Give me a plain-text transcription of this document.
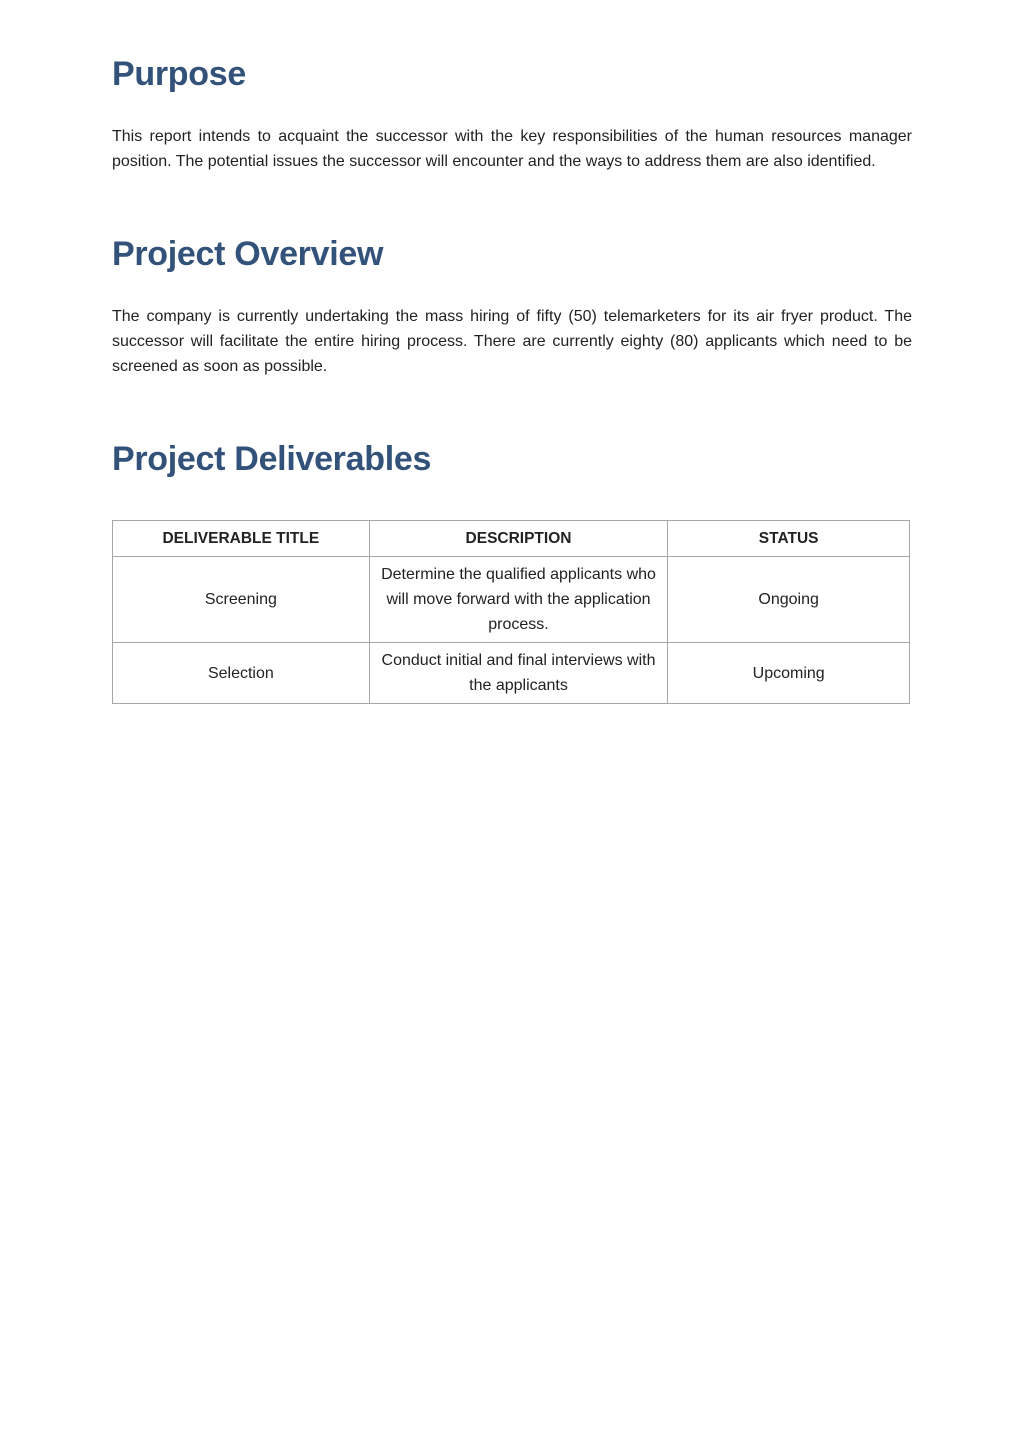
Purpose

This report intends to acquaint the successor with the key responsibilities of the human resources manager position. The potential issues the successor will encounter and the ways to address them are also identified.

Project Overview

The company is currently undertaking the mass hiring of fifty (50) telemarketers for its air fryer product. The successor will facilitate the entire hiring process. There are currently eighty (80) applicants which need to be screened as soon as possible.

Project Deliverables
DELIVERABLE TITLE	DESCRIPTION	STATUS
Screening	Determine the qualified applicants who will move forward with the application process.	Ongoing
Selection	Conduct initial and final interviews with the applicants	Upcoming
